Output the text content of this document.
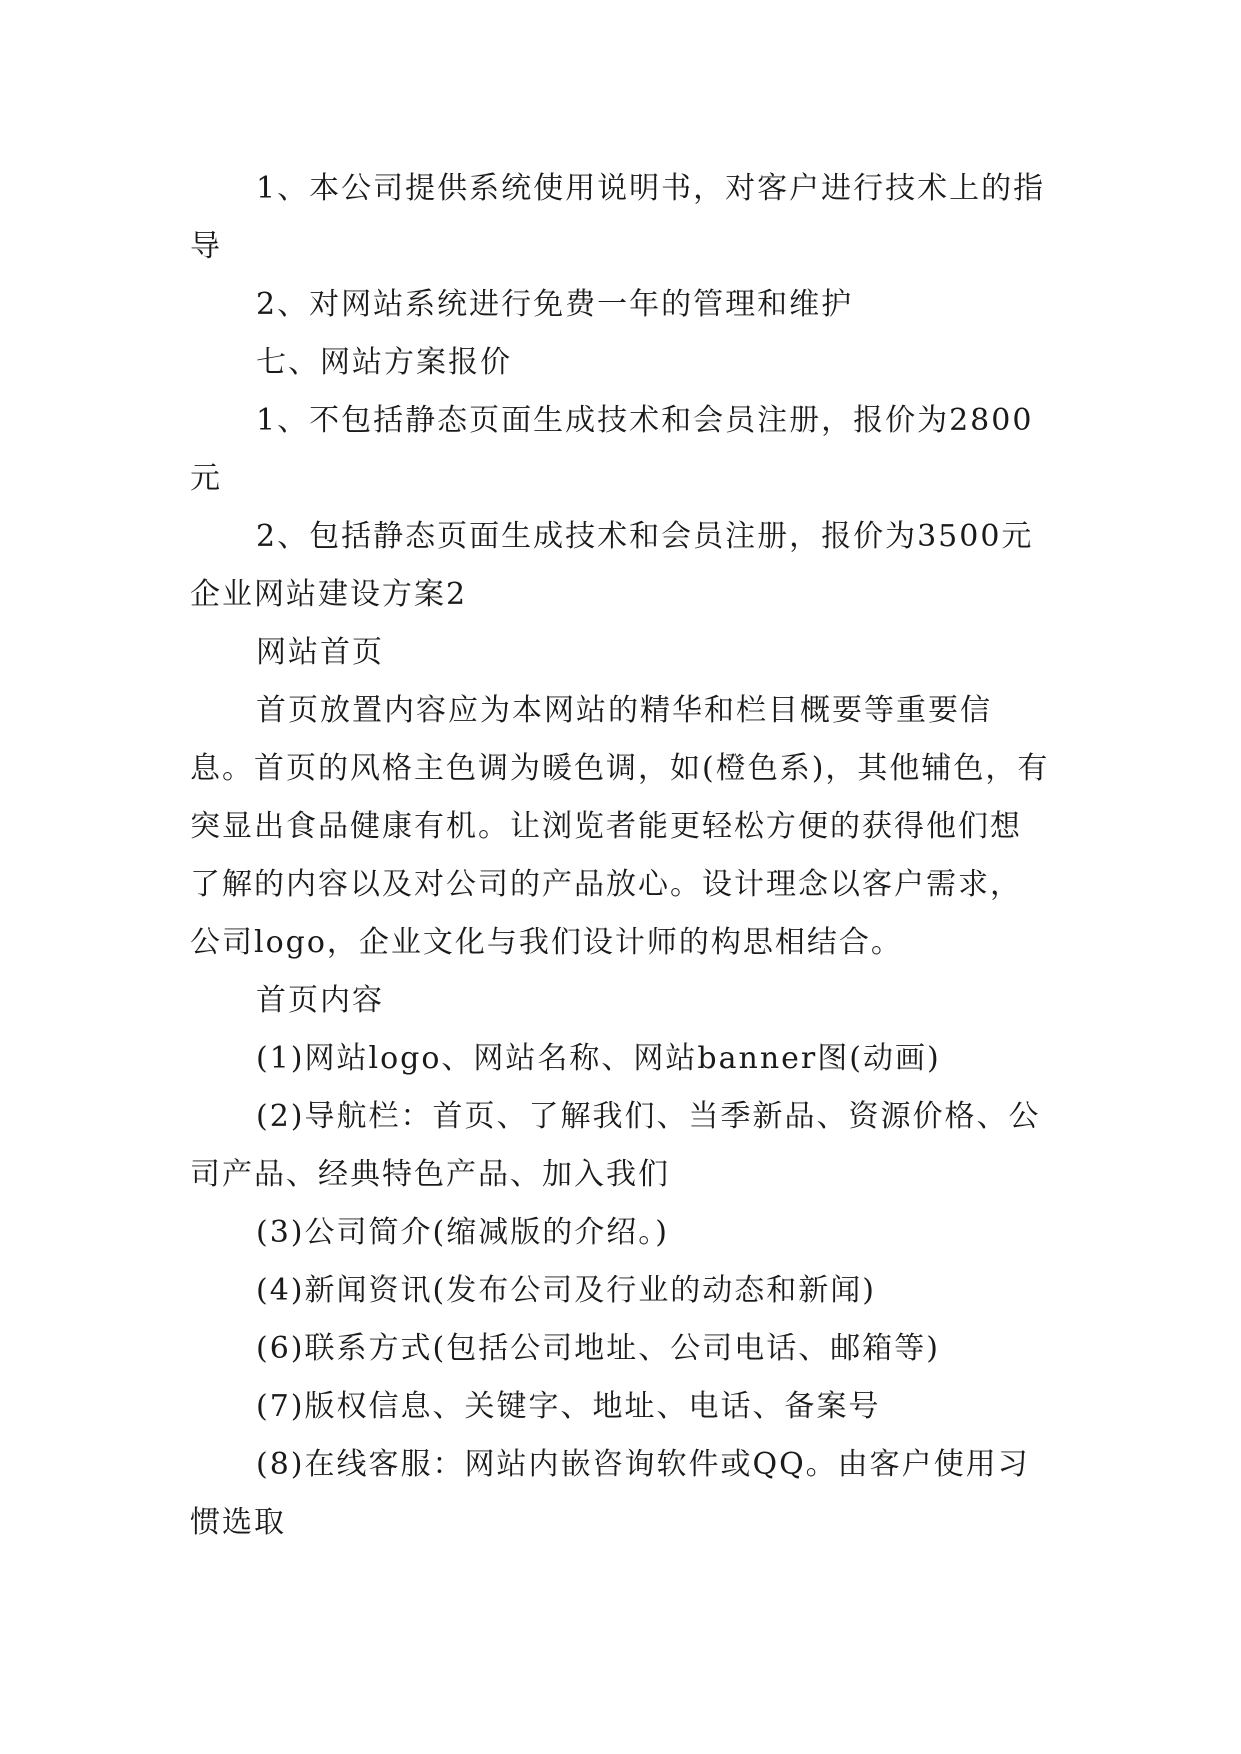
1、本公司提供系统使用说明书，对客户进行技术上的指导

2、对网站系统进行免费一年的管理和维护

七、网站方案报价

1、不包括静态页面生成技术和会员注册，报价为2800元

2、包括静态页面生成技术和会员注册，报价为3500元

企业网站建设方案2

网站首页

首页放置内容应为本网站的精华和栏目概要等重要信息。首页的风格主色调为暖色调，如(橙色系)，其他辅色，有突显出食品健康有机。让浏览者能更轻松方便的获得他们想了解的内容以及对公司的产品放心。设计理念以客户需求，公司logo，企业文化与我们设计师的构思相结合。

首页内容

(1)网站logo、网站名称、网站banner图(动画)

(2)导航栏：首页、了解我们、当季新品、资源价格、公司产品、经典特色产品、加入我们

(3)公司简介(缩减版的介绍。)

(4)新闻资讯(发布公司及行业的动态和新闻)

(6)联系方式(包括公司地址、公司电话、邮箱等)

(7)版权信息、关键字、地址、电话、备案号

(8)在线客服：网站内嵌咨询软件或QQ。由客户使用习惯选取
